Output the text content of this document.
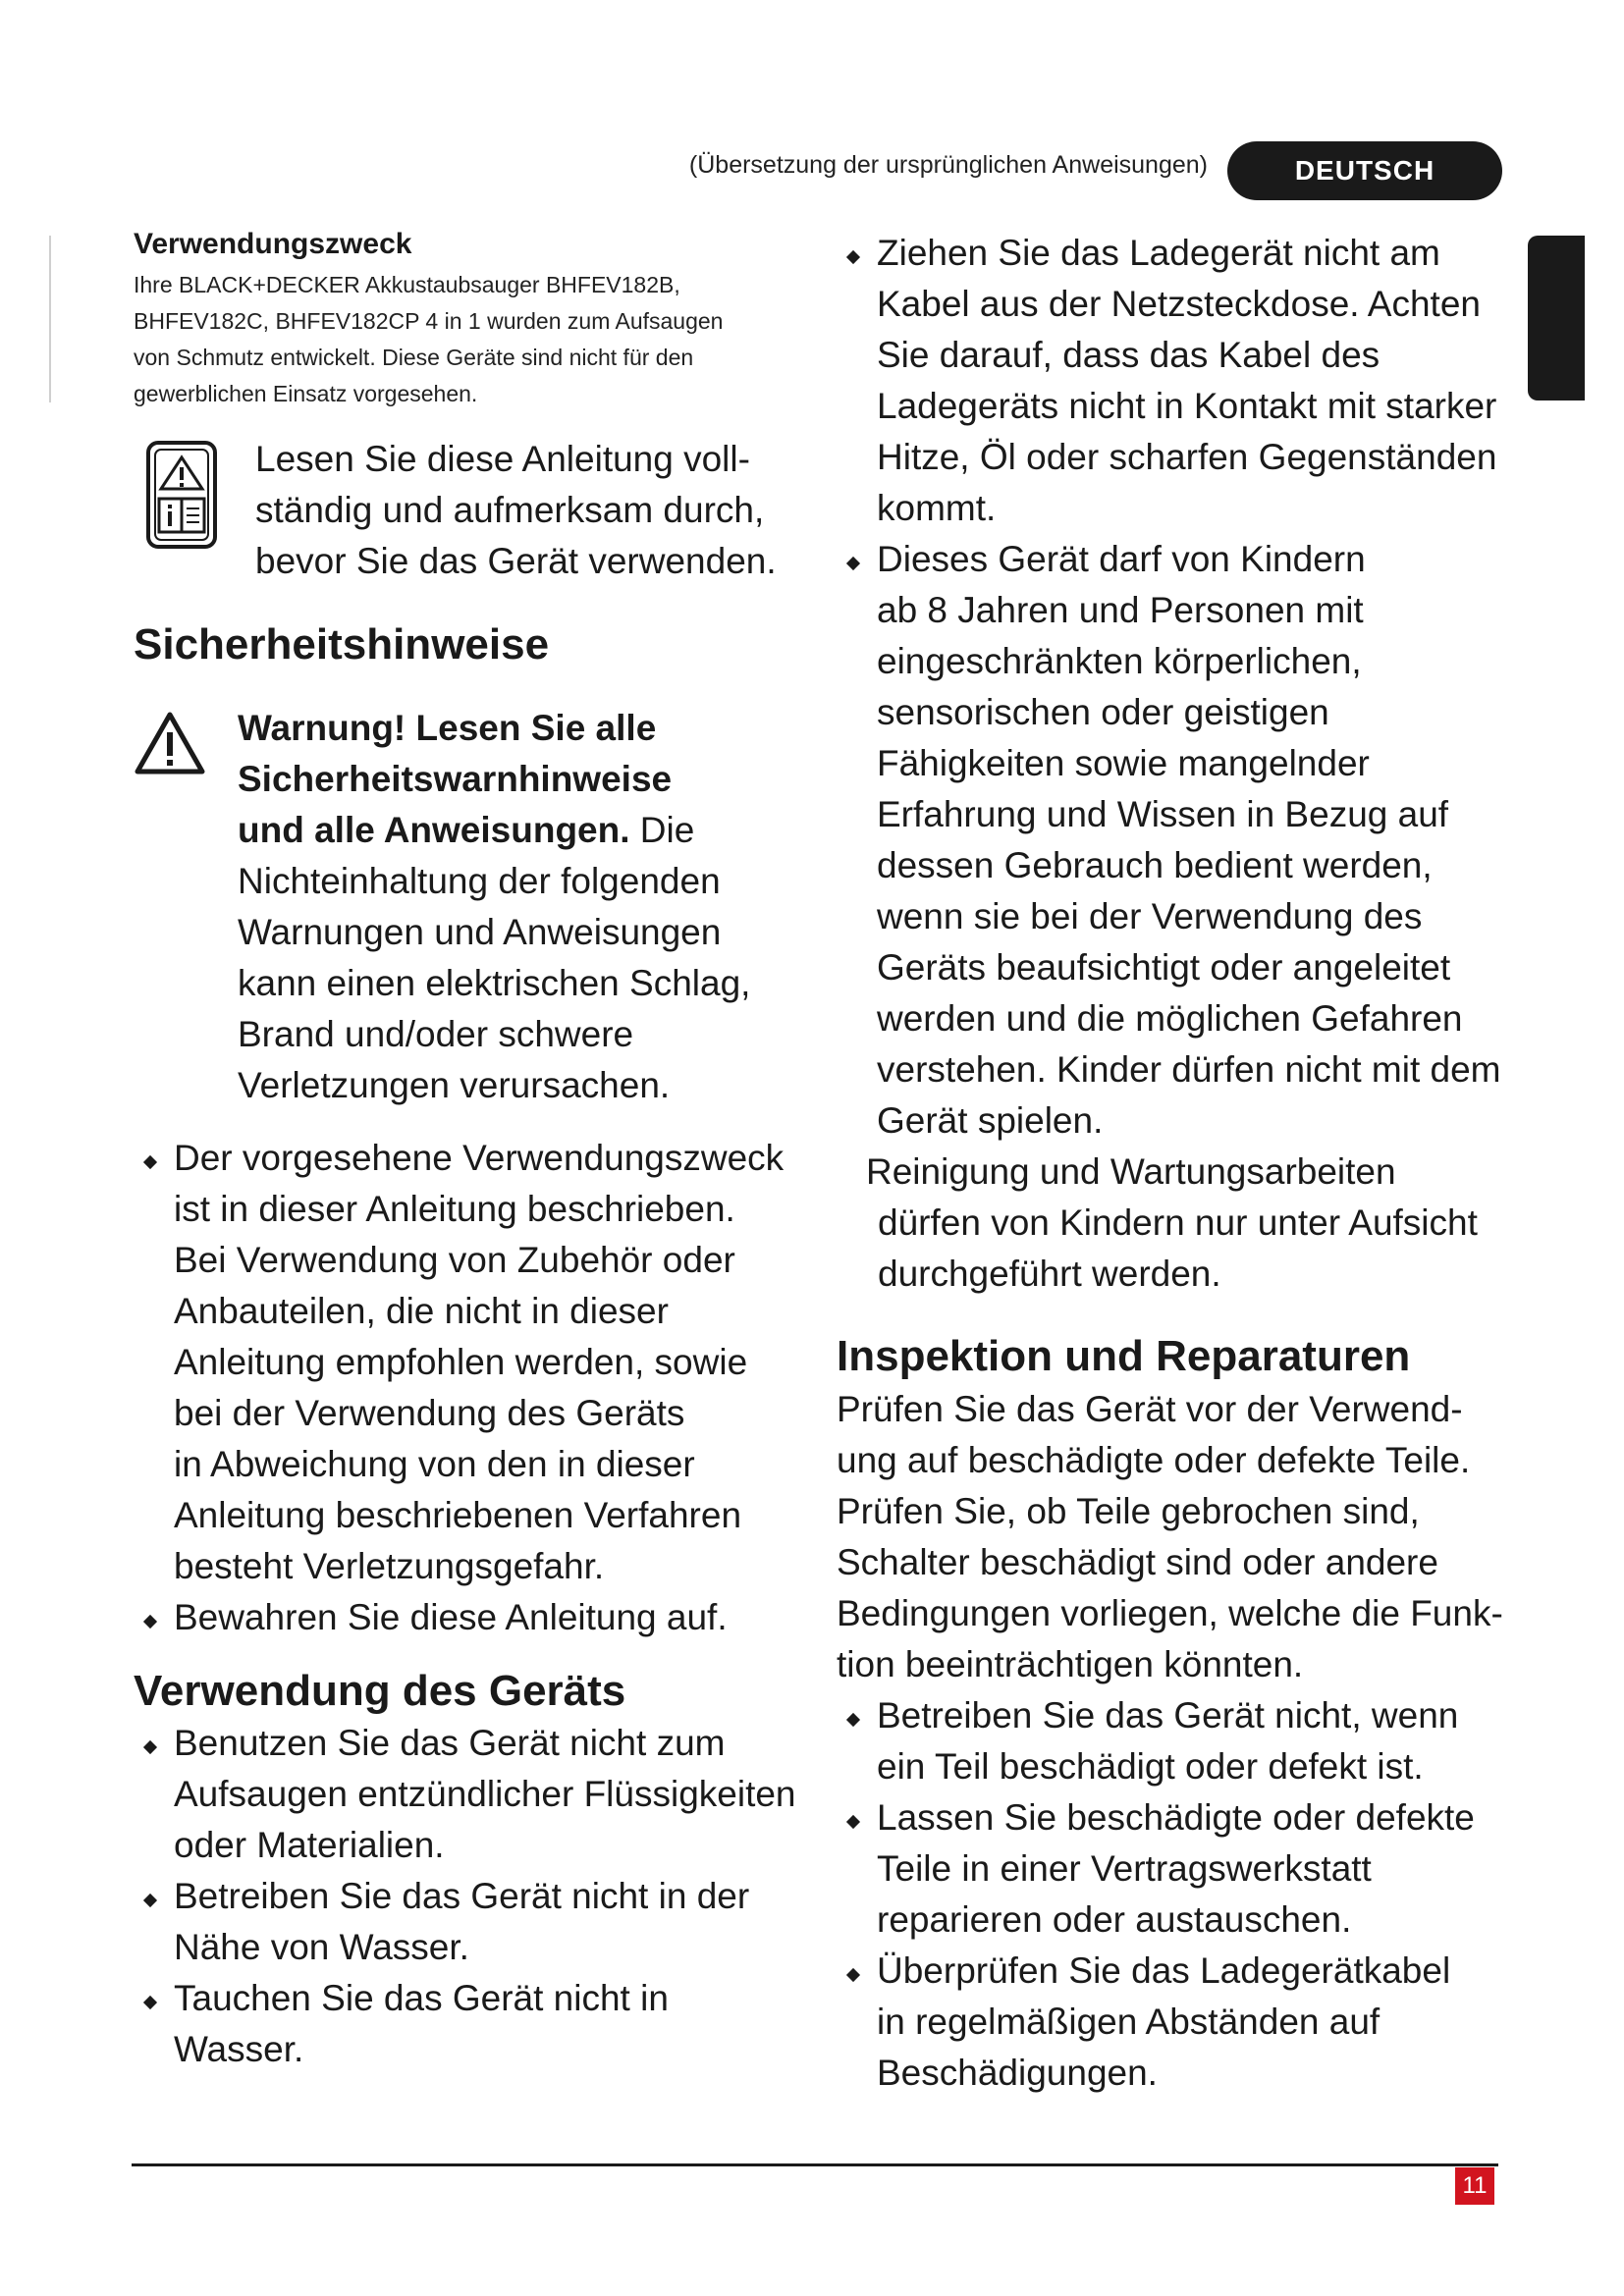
(Übersetzung der ursprünglichen Anweisungen)	DEUTSCH

Verwendungszweck

Ihre BLACK+DECKER Akkustaubsauger BHFEV182B,
BHFEV182C, BHFEV182CP 4 in 1 wurden zum Aufsaugen
von Schmutz entwickelt. Diese Geräte sind nicht für den
gewerblichen Einsatz vorgesehen.

Lesen Sie diese Anleitung voll-
ständig und aufmerksam durch,
bevor Sie das Gerät verwenden.
Sicherheitshinweise
Warnung! Lesen Sie alle
Sicherheitswarnhinweise
und alle Anweisungen. Die
Nichteinhaltung der folgenden
Warnungen und Anweisungen
kann einen elektrischen Schlag,
Brand und/oder schwere
Verletzungen verursachen.
Der vorgesehene Verwendungszweck
ist in dieser Anleitung beschrieben.
Bei Verwendung von Zubehör oder
Anbauteilen, die nicht in dieser
Anleitung empfohlen werden, sowie
bei der Verwendung des Geräts
in Abweichung von den in dieser
Anleitung beschriebenen Verfahren
besteht Verletzungsgefahr.
Bewahren Sie diese Anleitung auf.
Verwendung des Geräts
Benutzen Sie das Gerät nicht zum
Aufsaugen entzündlicher Flüssigkeiten
oder Materialien.
Betreiben Sie das Gerät nicht in der
Nähe von Wasser.
Tauchen Sie das Gerät nicht in
Wasser.
Ziehen Sie das Ladegerät nicht am
Kabel aus der Netzsteckdose. Achten
Sie darauf, dass das Kabel des
Ladegeräts nicht in Kontakt mit starker
Hitze, Öl oder scharfen Gegenständen
kommt.
Dieses Gerät darf von Kindern
ab 8 Jahren und Personen mit
eingeschränkten körperlichen,
sensorischen oder geistigen
Fähigkeiten sowie mangelnder
Erfahrung und Wissen in Bezug auf
dessen Gebrauch bedient werden,
wenn sie bei der Verwendung des
Geräts beaufsichtigt oder angeleitet
werden und die möglichen Gefahren
verstehen. Kinder dürfen nicht mit dem
Gerät spielen.

Reinigung und Wartungsarbeiten

dürfen von Kindern nur unter Aufsicht
durchgeführt werden.

Inspektion und Reparaturen

Prüfen Sie das Gerät vor der Verwend-
ung auf beschädigte oder defekte Teile.
Prüfen Sie, ob Teile gebrochen sind,
Schalter beschädigt sind oder andere
Bedingungen vorliegen, welche die Funk-
tion beeinträchtigen könnten.

Betreiben Sie das Gerät nicht, wenn
ein Teil beschädigt oder defekt ist.
Lassen Sie beschädigte oder defekte
Teile in einer Vertragswerkstatt
reparieren oder austauschen.
Überprüfen Sie das Ladegerätkabel
in regelmäßigen Abständen auf
Beschädigungen.
11
